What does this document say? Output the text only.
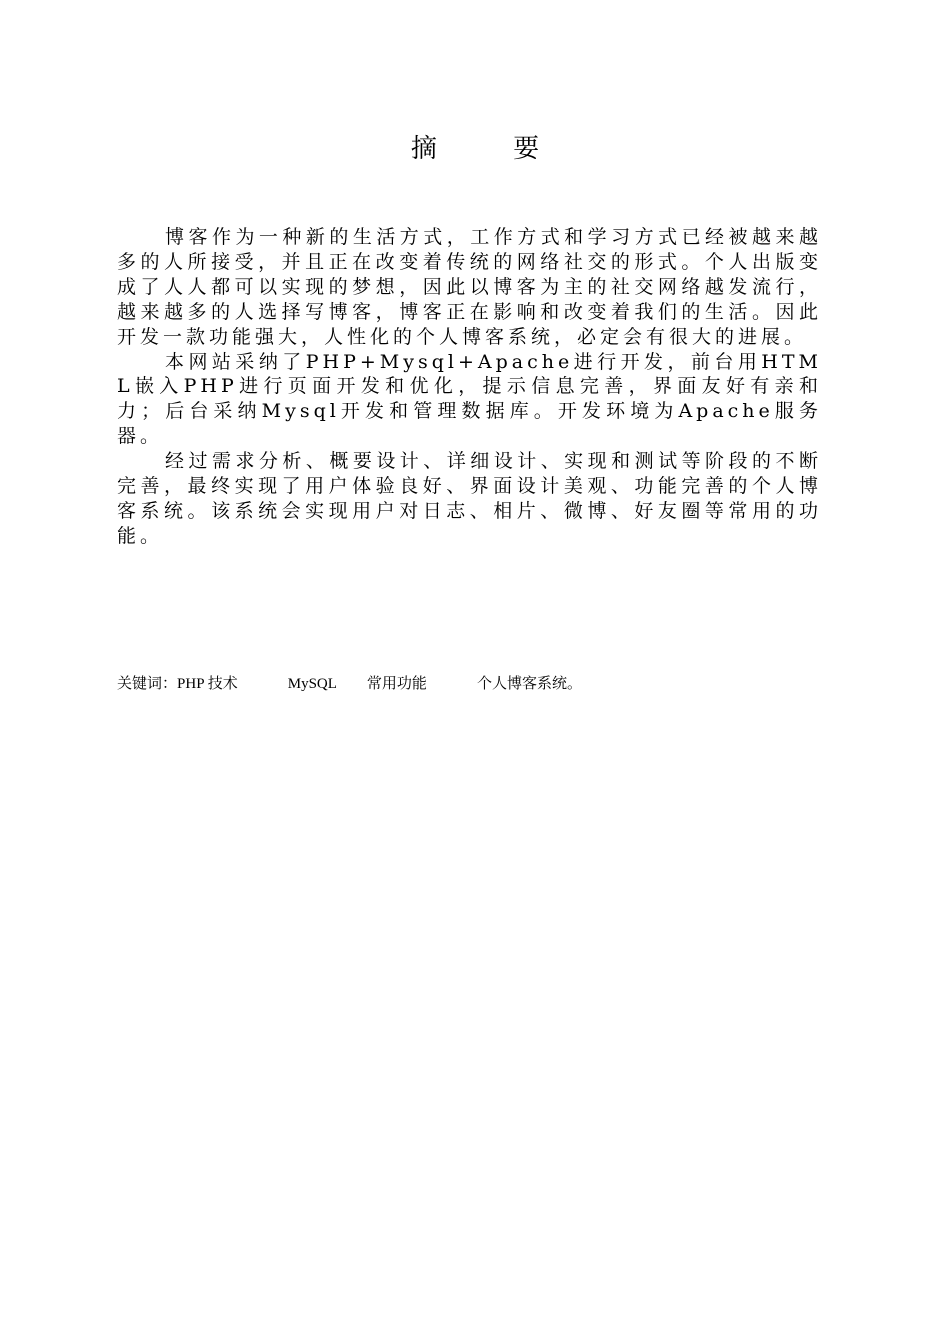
摘 要

博客作为一种新的生活方式，工作方式和学习方式已经被越来越多的人所接受，并且正在改变着传统的网络社交的形式。个人出版变成了人人都可以实现的梦想，因此以博客为主的社交网络越发流行，越来越多的人选择写博客，博客正在影响和改变着我们的生活。因此开发一款功能强大，人性化的个人博客系统，必定会有很大的进展。

本网站采纳了PHP+Mysql+Apache进行开发，前台用HTML嵌入PHP进行页面开发和优化，提示信息完善，界面友好有亲和力；后台采纳Mysql开发和管理数据库。开发环境为Apache服务器。

经过需求分析、概要设计、详细设计、实现和测试等阶段的不断完善，最终实现了用户体验良好、界面设计美观、功能完善的个人博客系统。该系统会实现用户对日志、相片、微博、好友圈等常用的功能。

关键词：PHP 技术	MySQL 常用功能	个人博客系统。
